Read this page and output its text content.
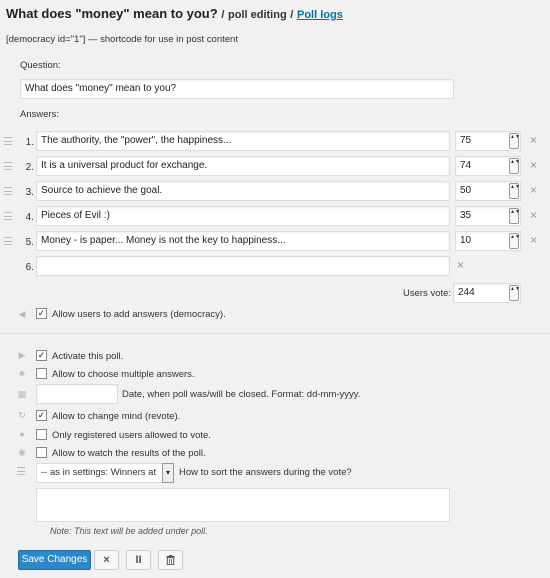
What does "money" mean to you? / poll editing / Poll logs
[democracy id="1"] — shortcode for use in post content
Question:
What does "money" mean to you?
Answers:
1. The authority, the "power", the happiness...	75	▲▼ ×
2. It is a universal product for exchange.	74	▲▼ ×
3. Source to achieve the goal.	50	▲▼ ×
4. Pieces of Evil :)	35	▲▼ ×
5. Money - is paper... Money is not the key to happiness...	10	▲▼ ×
6.	×
Users vote: 244	▲▼
◀ ✓ Allow users to add answers (democracy).
▶ ✓ Activate this poll.
♣	Allow to choose multiple answers.
▦	Date, when poll was/will be closed. Format: dd-mm-yyyy.
↻ ✓ Allow to change mind (revote).
●	Only registered users allowed to vote.
◉	Allow to watch the results of the poll.
-- as in settings: Winners at	▾ How to sort the answers during the vote?
Note: This text will be added under poll.
Save Changes	×	II
